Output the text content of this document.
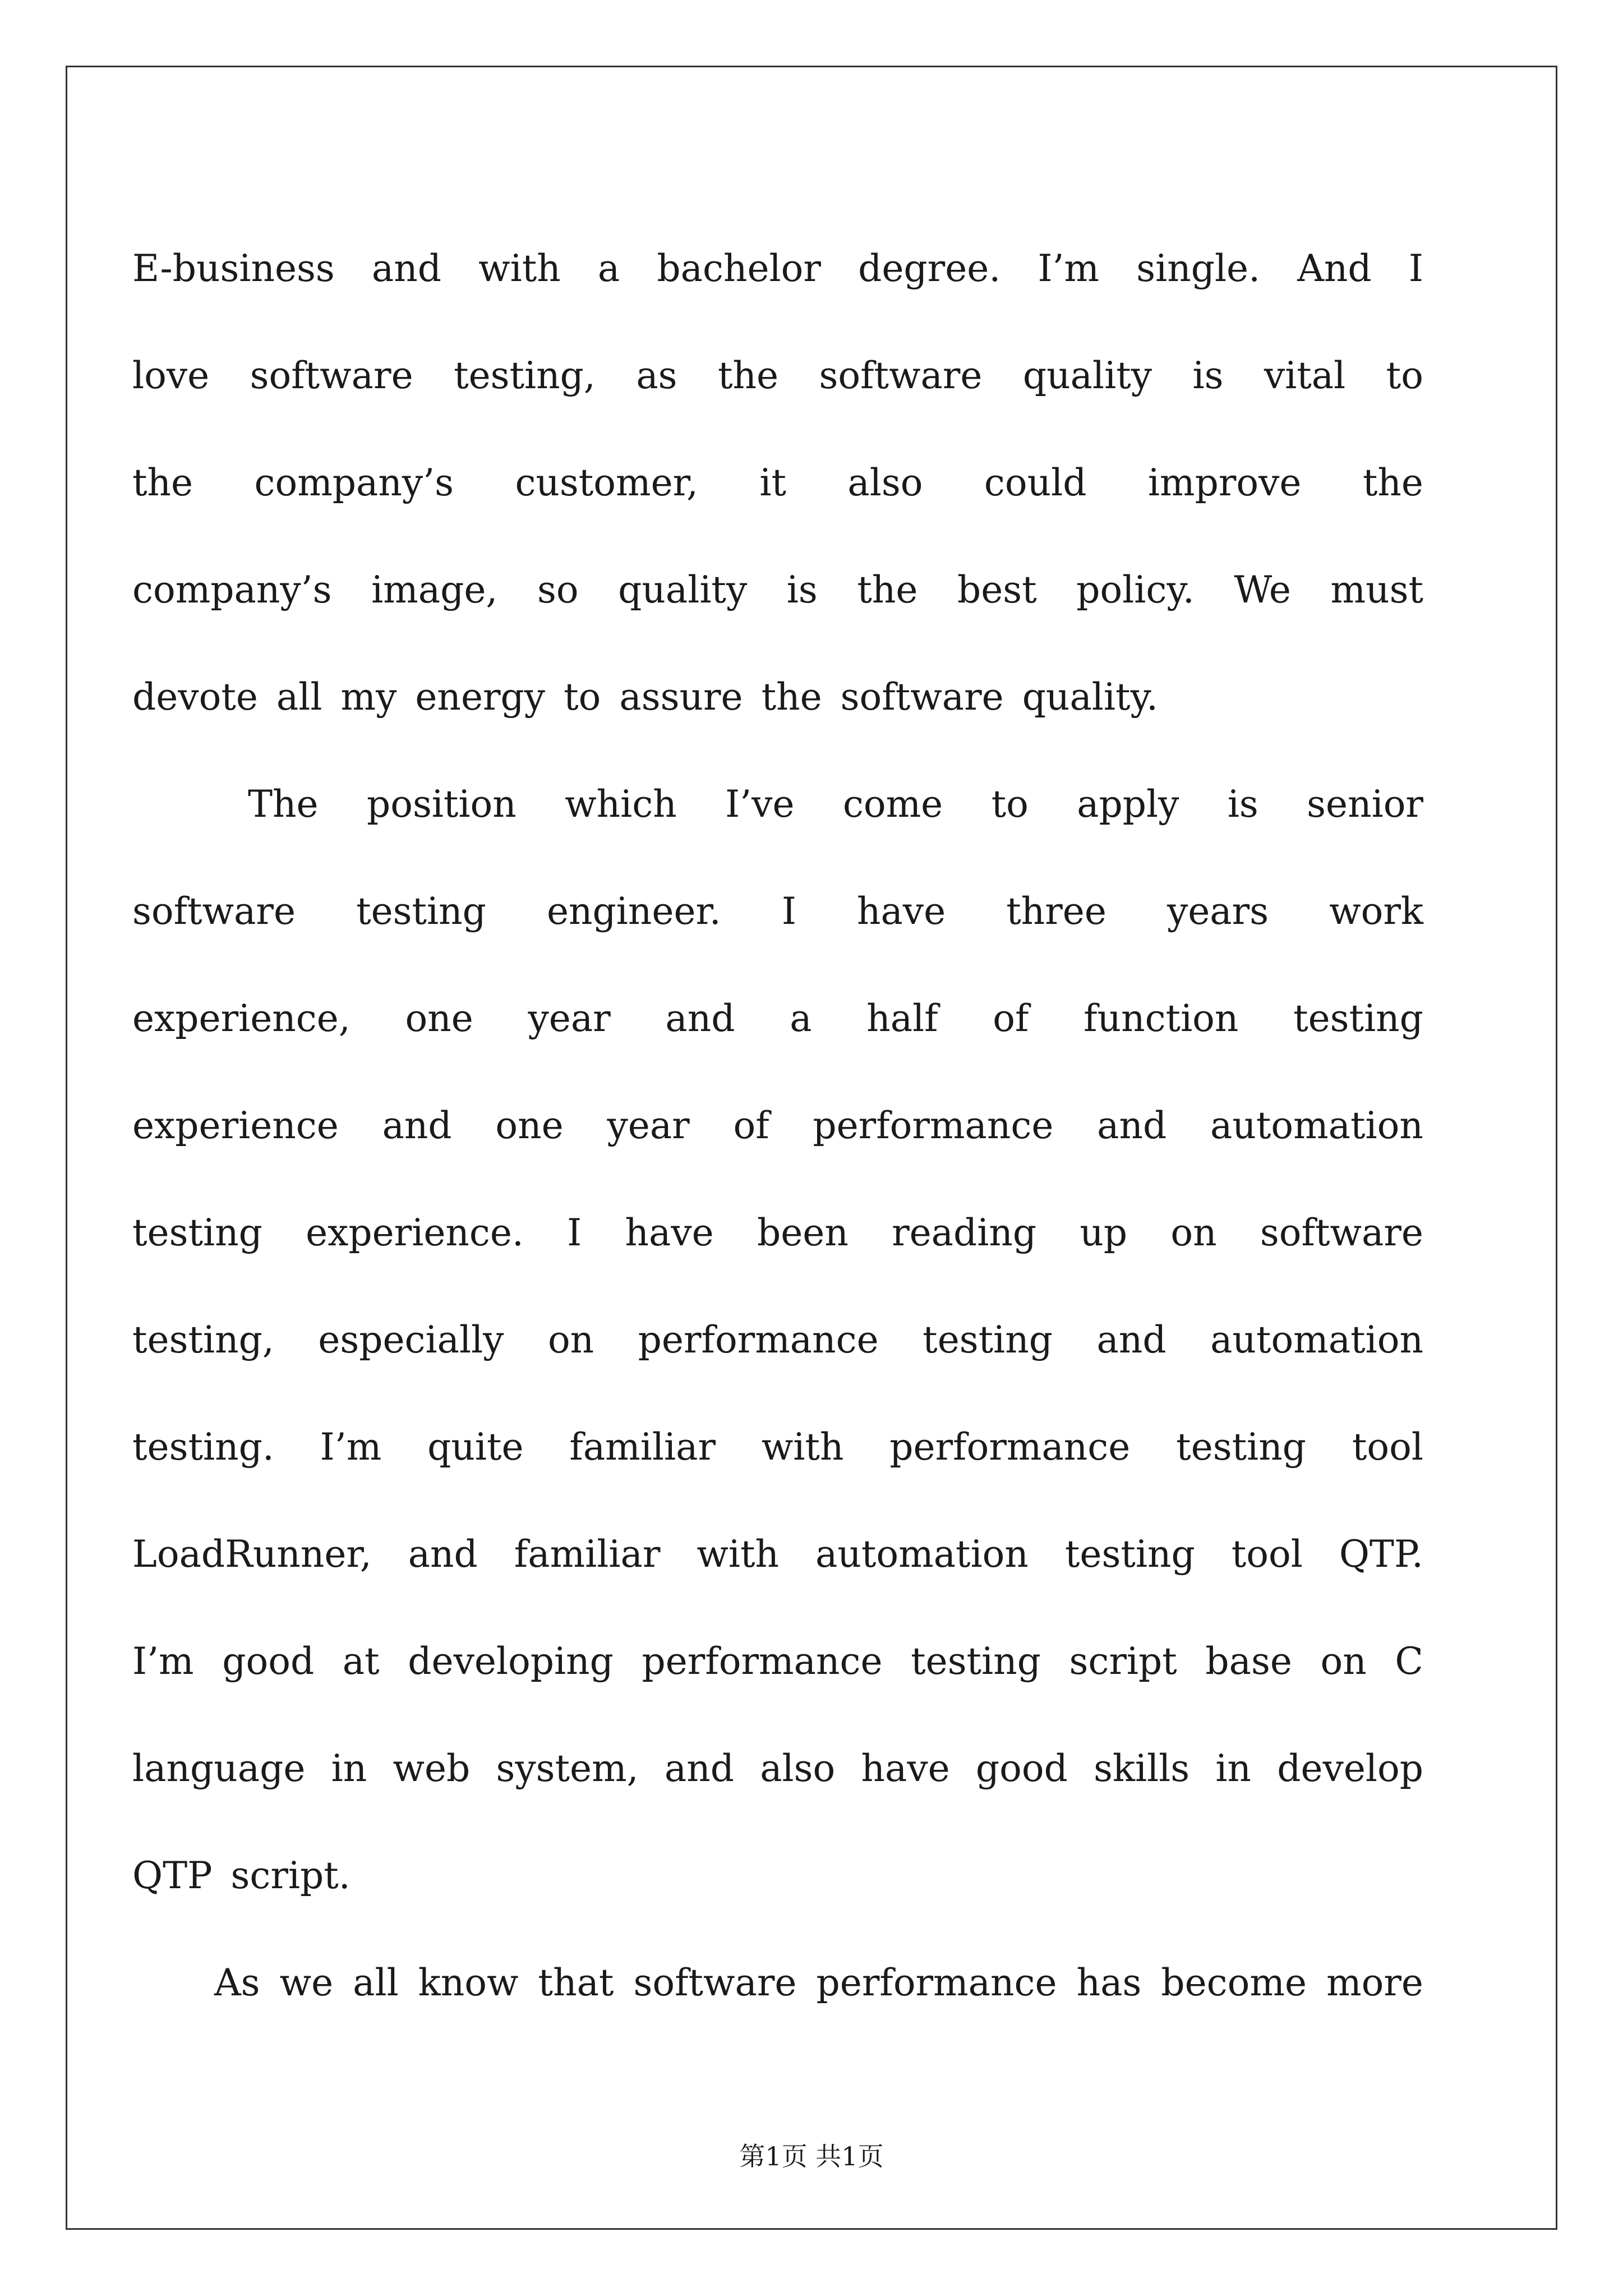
E-business and with a bachelor degree. I’m single. And I
love software testing, as the software quality is vital to
the company’s customer, it also could improve the
company’s image, so quality is the best policy. We must
devote all my energy to assure the software quality.
The position which I’ve come to apply is senior
software testing engineer. I have three years work
experience, one year and a half of function testing
experience and one year of performance and automation
testing experience. I have been reading up on software
testing, especially on performance testing and automation
testing. I’m quite familiar with performance testing tool
LoadRunner, and familiar with automation testing tool QTP.
I’m good at developing performance testing script base on C
language in web system, and also have good skills in develop
QTP script.
As we all know that software performance has become more
第1页 共1页
